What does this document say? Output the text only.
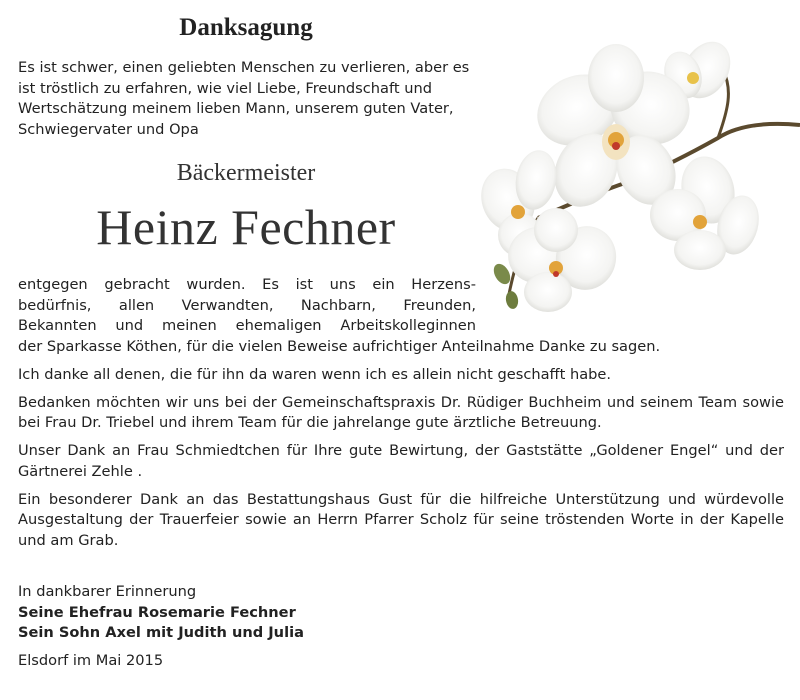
Danksagung
Es ist schwer, einen geliebten Menschen zu verlieren, aber es ist tröstlich zu erfahren, wie viel Liebe, Freundschaft und Wertschätzung meinem lieben Mann, unserem guten Vater, Schwiegervater und Opa
Bäckermeister
Heinz Fechner
entgegen gebracht wurden. Es ist uns ein Herzens-
bedürfnis, allen Verwandten, Nachbarn, Freunden,
Bekannten und meinen ehemaligen Arbeitskolleginnen

der Sparkasse Köthen, für die vielen Beweise aufrichtiger Anteilnahme Danke zu sagen.

Ich danke all denen, die für ihn da waren wenn ich es allein nicht geschafft habe.

Bedanken möchten wir uns bei der Gemeinschaftspraxis Dr. Rüdiger Buchheim und seinem Team sowie bei Frau Dr. Triebel und ihrem Team für die jahrelange gute ärztliche Betreuung.

Unser Dank an Frau Schmiedtchen für Ihre gute Bewirtung, der Gaststätte „Goldener Engel“ und der Gärtnerei Zehle .

Ein besonderer Dank an das Bestattungshaus Gust für die hilfreiche Unterstützung und würdevolle Ausgestaltung der Trauerfeier sowie an Herrn Pfarrer Scholz für seine tröstenden Worte in der Kapelle und am Grab.

In dankbarer Erinnerung
Seine Ehefrau Rosemarie Fechner
Sein Sohn Axel mit Judith und Julia
Elsdorf im Mai 2015
